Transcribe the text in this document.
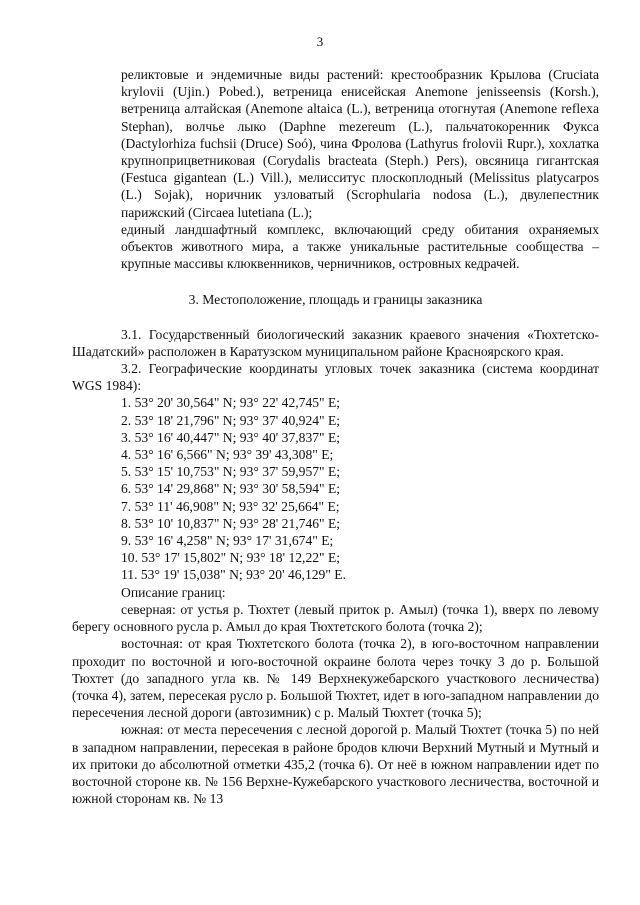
3

реликтовые и эндемичные виды растений: крестообразник Крылова (Cruciata krylovii (Ujin.) Pobed.), ветреница енисейская Anemone jenisseensis (Korsh.), ветреница алтайская (Anemone altaica (L.), ветреница отогнутая (Anemone reflexa Stephan), волчье лыко (Daphne mezereum (L.), пальчатокоренник Фукса (Dactylorhiza fuchsii (Druce) Soó), чина Фролова (Lathyrus frolovii Rupr.), хохлатка крупноприцветниковая (Corydalis bracteata (Steph.) Pers), овсяница гигантская (Festuca gigantean (L.) Vill.), мелисситус плоскоплодный (Melissitus platycarpos (L.) Sojak), норичник узловатый (Scrophularia nodosa (L.), двулепестник парижский (Circaea lutetiana (L.);

единый ландшафтный комплекс, включающий среду обитания охраняемых объектов животного мира, а также уникальные растительные сообщества – крупные массивы клюквенников, черничников, островных кедрачей.

3. Местоположение, площадь и границы заказника

3.1. Государственный биологический заказник краевого значения «Тюхтетско-Шадатский» расположен в Каратузском муниципальном районе Красноярского края.

3.2. Географические координаты угловых точек заказника (система координат WGS 1984):

1. 53° 20' 30,564" N; 93° 22' 42,745" E;
2. 53° 18' 21,796" N; 93° 37' 40,924" E;
3. 53° 16' 40,447" N; 93° 40' 37,837" E;
4. 53° 16' 6,566" N; 93° 39' 43,308" E;
5. 53° 15' 10,753" N; 93° 37' 59,957" E;
6. 53° 14' 29,868" N; 93° 30' 58,594" E;
7. 53° 11' 46,908" N; 93° 32' 25,664" E;
8. 53° 10' 10,837" N; 93° 28' 21,746" E;
9. 53° 16' 4,258" N; 93° 17' 31,674" E;
10. 53° 17' 15,802" N; 93° 18' 12,22" E;
11. 53° 19' 15,038" N; 93° 20' 46,129" E.

Описание границ:

северная: от устья р. Тюхтет (левый приток р. Амыл) (точка 1), вверх по левому берегу основного русла р. Амыл до края Тюхтетского болота (точка 2);

восточная: от края Тюхтетского болота (точка 2), в юго-восточном направлении проходит по восточной и юго-восточной окраине болота через точку 3 до р. Большой Тюхтет (до западного угла кв. № 149 Верхнекужебарского участкового лесничества) (точка 4), затем, пересекая русло р. Большой Тюхтет, идет в юго-западном направлении до пересечения лесной дороги (автозимник) с р. Малый Тюхтет (точка 5);

южная: от места пересечения с лесной дорогой р. Малый Тюхтет (точка 5) по ней в западном направлении, пересекая в районе бродов ключи Верхний Мутный и Мутный и их притоки до абсолютной отметки 435,2 (точка 6). От неё в южном направлении идет по восточной стороне кв. № 156 Верхне-Кужебарского участкового лесничества, восточной и южной сторонам кв. № 13
